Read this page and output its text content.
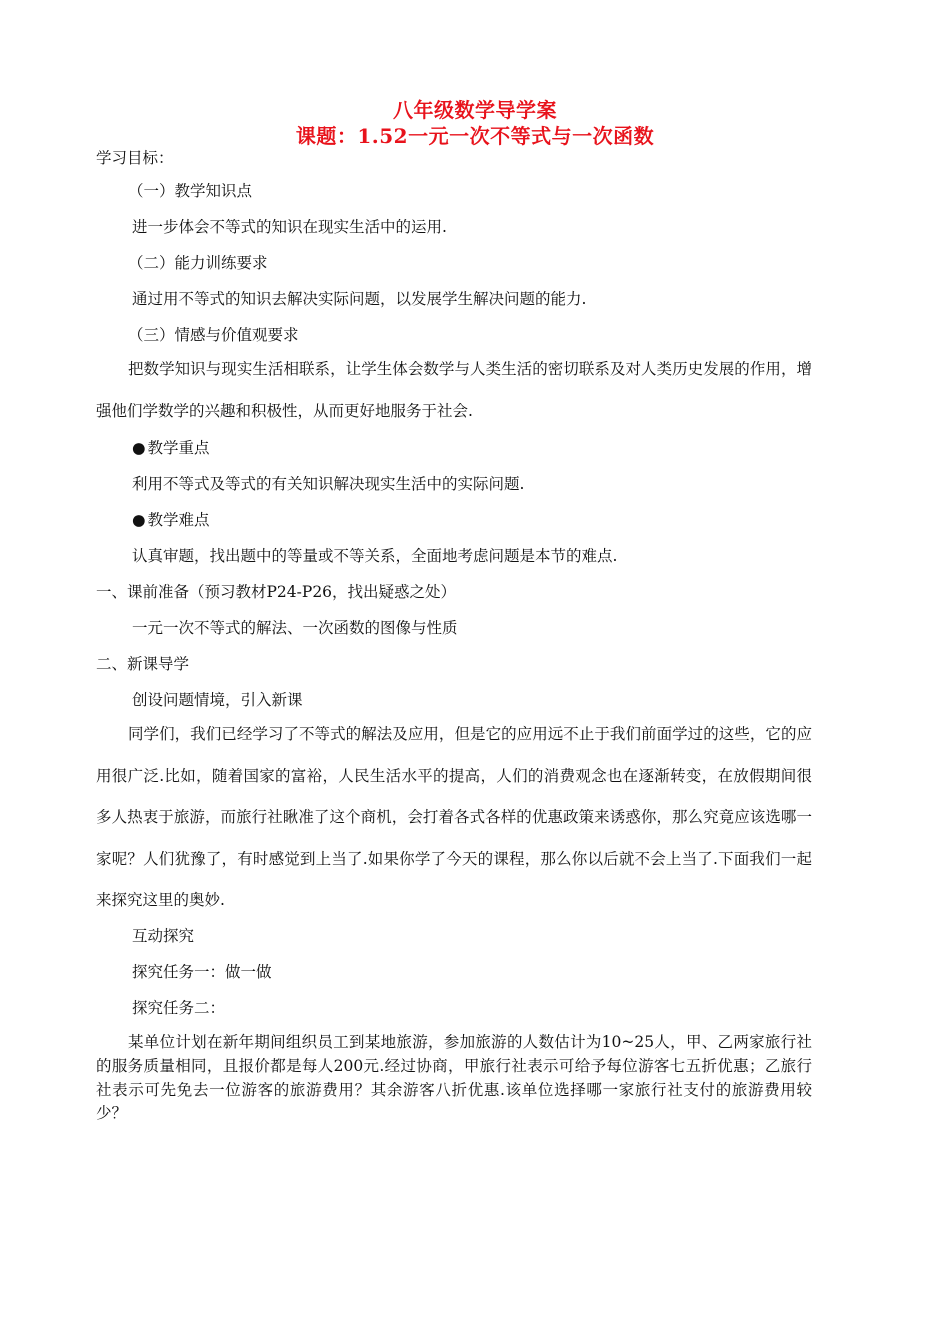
八年级数学导学案
课题：1.52一元一次不等式与一次函数
学习目标：
（一）教学知识点
进一步体会不等式的知识在现实生活中的运用.
（二）能力训练要求
通过用不等式的知识去解决实际问题，以发展学生解决问题的能力.
（三）情感与价值观要求
把数学知识与现实生活相联系，让学生体会数学与人类生活的密切联系及对人类历史发展的作用，增强他们学数学的兴趣和积极性，从而更好地服务于社会.
● 教学重点
利用不等式及等式的有关知识解决现实生活中的实际问题.
● 教学难点
认真审题，找出题中的等量或不等关系，全面地考虑问题是本节的难点.
一、课前准备（预习教材P24-P26，找出疑惑之处）
一元一次不等式的解法、一次函数的图像与性质
二、新课导学
创设问题情境，引入新课
同学们，我们已经学习了不等式的解法及应用，但是它的应用远不止于我们前面学过的这些，它的应用很广泛.比如，随着国家的富裕，人民生活水平的提高，人们的消费观念也在逐渐转变，在放假期间很多人热衷于旅游，而旅行社瞅准了这个商机，会打着各式各样的优惠政策来诱惑你，那么究竟应该选哪一家呢？人们犹豫了，有时感觉到上当了.如果你学了今天的课程，那么你以后就不会上当了.下面我们一起来探究这里的奥妙.
互动探究
探究任务一：做一做
探究任务二：
某单位计划在新年期间组织员工到某地旅游，参加旅游的人数估计为10~25人，甲、乙两家旅行社的服务质量相同，且报价都是每人200元.经过协商，甲旅行社表示可给予每位游客七五折优惠；乙旅行社表示可先免去一位游客的旅游费用？其余游客八折优惠.该单位选择哪一家旅行社支付的旅游费用较少？
